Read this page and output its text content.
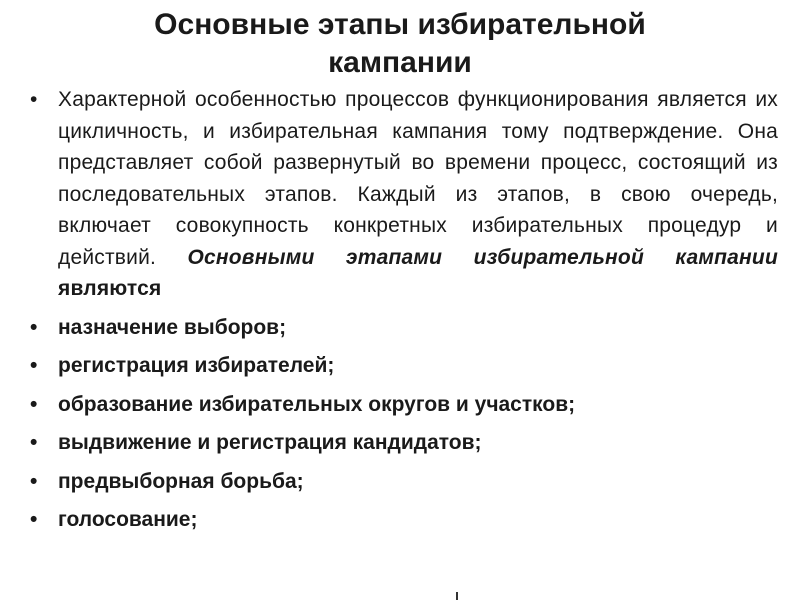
Основные этапы избирательной кампании
• Характерной особенностью процессов функционирования является их цикличность, и избирательная кампания тому подтверждение. Она представляет собой развернутый во времени процесс, состоящий из последовательных этапов. Каждый из этапов, в свою очередь, включает совокупность конкретных избирательных процедур и действий. Основными этапами избирательной кампании являются
• назначение выборов;
• регистрация избирателей;
• образование избирательных округов и участков;
• выдвижение и регистрация кандидатов;
• предвыборная борьба;
• голосование;
